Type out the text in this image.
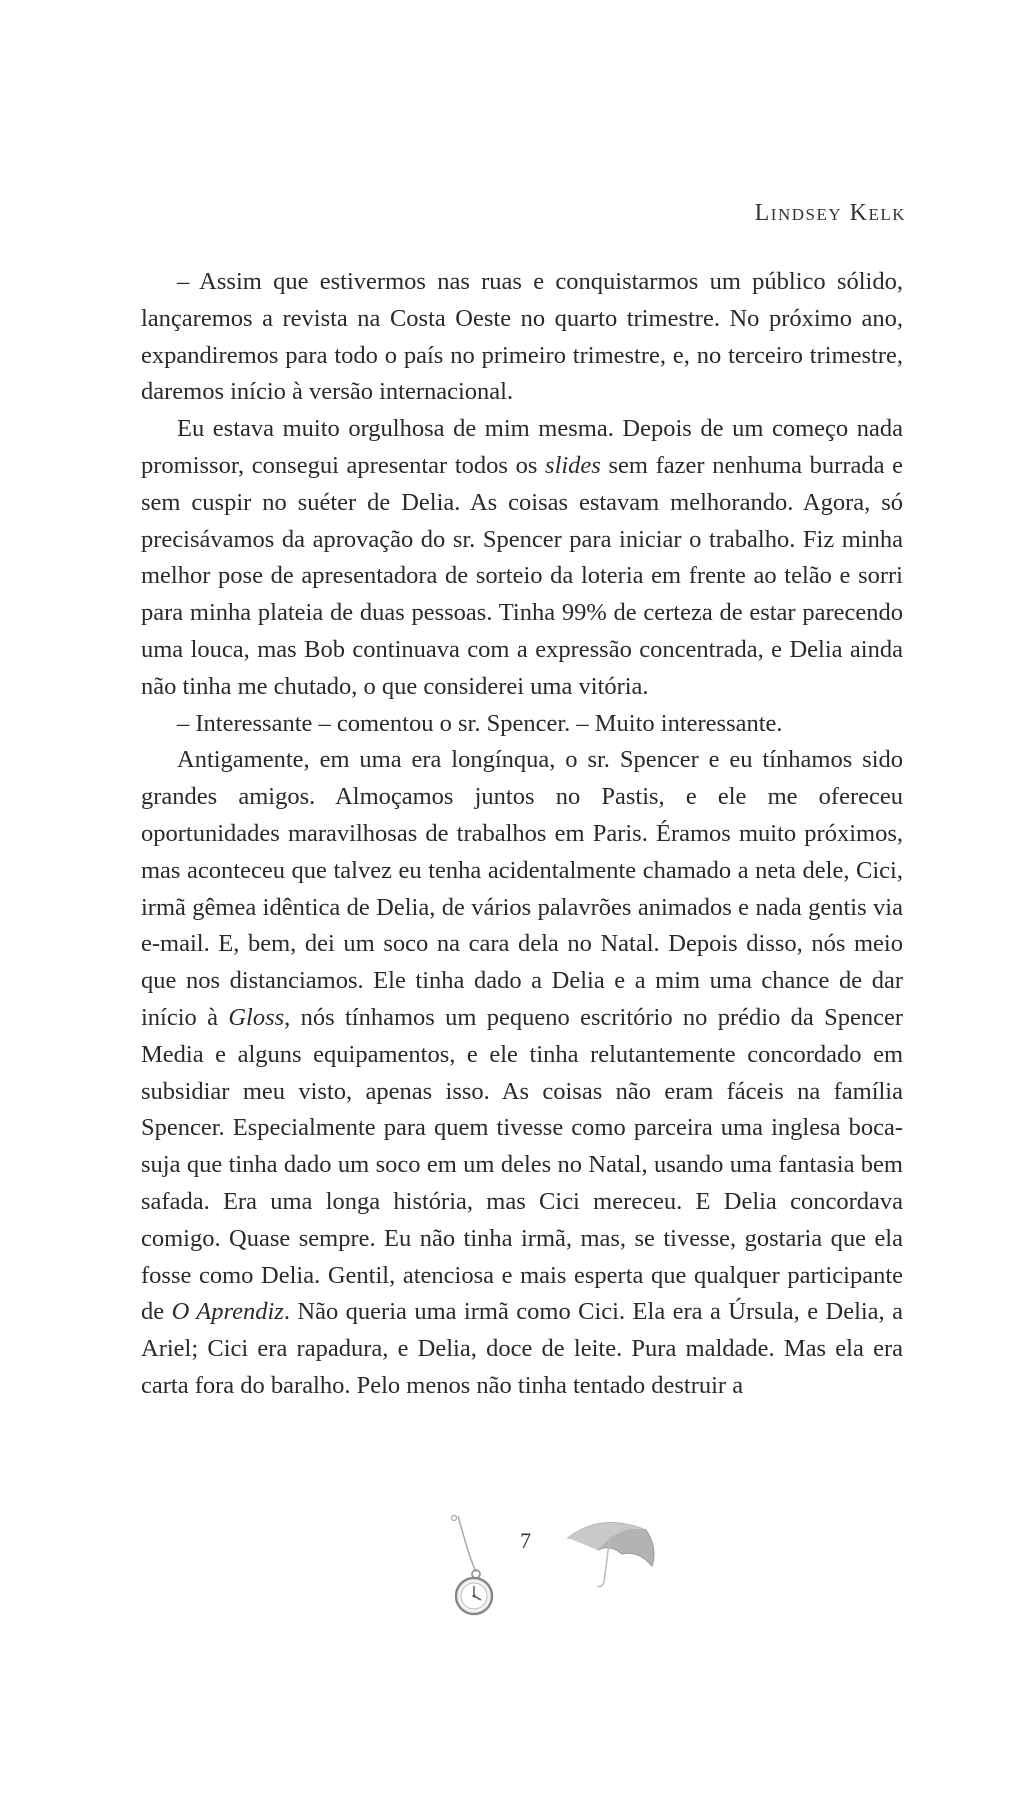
Lindsey Kelk

– Assim que estivermos nas ruas e conquistarmos um público sólido, lançaremos a revista na Costa Oeste no quarto trimestre. No próximo ano, expandiremos para todo o país no primeiro trimestre, e, no terceiro trimestre, daremos início à versão internacional.

Eu estava muito orgulhosa de mim mesma. Depois de um começo nada promissor, consegui apresentar todos os slides sem fazer nenhuma burrada e sem cuspir no suéter de Delia. As coisas estavam melhorando. Agora, só precisávamos da aprovação do sr. Spencer para iniciar o trabalho. Fiz minha melhor pose de apresentadora de sorteio da loteria em frente ao telão e sorri para minha plateia de duas pessoas. Tinha 99% de certeza de estar parecendo uma louca, mas Bob continuava com a expressão concentrada, e Delia ainda não tinha me chutado, o que considerei uma vitória.

– Interessante – comentou o sr. Spencer. – Muito interessante.

Antigamente, em uma era longínqua, o sr. Spencer e eu tínhamos sido grandes amigos. Almoçamos juntos no Pastis, e ele me ofereceu oportunidades maravilhosas de trabalhos em Paris. Éramos muito próximos, mas aconteceu que talvez eu tenha acidentalmente chamado a neta dele, Cici, irmã gêmea idêntica de Delia, de vários palavrões animados e nada gentis via e-mail. E, bem, dei um soco na cara dela no Natal. Depois disso, nós meio que nos distanciamos. Ele tinha dado a Delia e a mim uma chance de dar início à Gloss, nós tínhamos um pequeno escritório no prédio da Spencer Media e alguns equipamentos, e ele tinha relutantemente concordado em subsidiar meu visto, apenas isso. As coisas não eram fáceis na família Spencer. Especialmente para quem tivesse como parceira uma inglesa boca-suja que tinha dado um soco em um deles no Natal, usando uma fantasia bem safada. Era uma longa história, mas Cici mereceu. E Delia concordava comigo. Quase sempre. Eu não tinha irmã, mas, se tivesse, gostaria que ela fosse como Delia. Gentil, atenciosa e mais esperta que qualquer participante de O Aprendiz. Não queria uma irmã como Cici. Ela era a Úrsula, e Delia, a Ariel; Cici era rapadura, e Delia, doce de leite. Pura maldade. Mas ela era carta fora do baralho. Pelo menos não tinha tentado destruir a

7
